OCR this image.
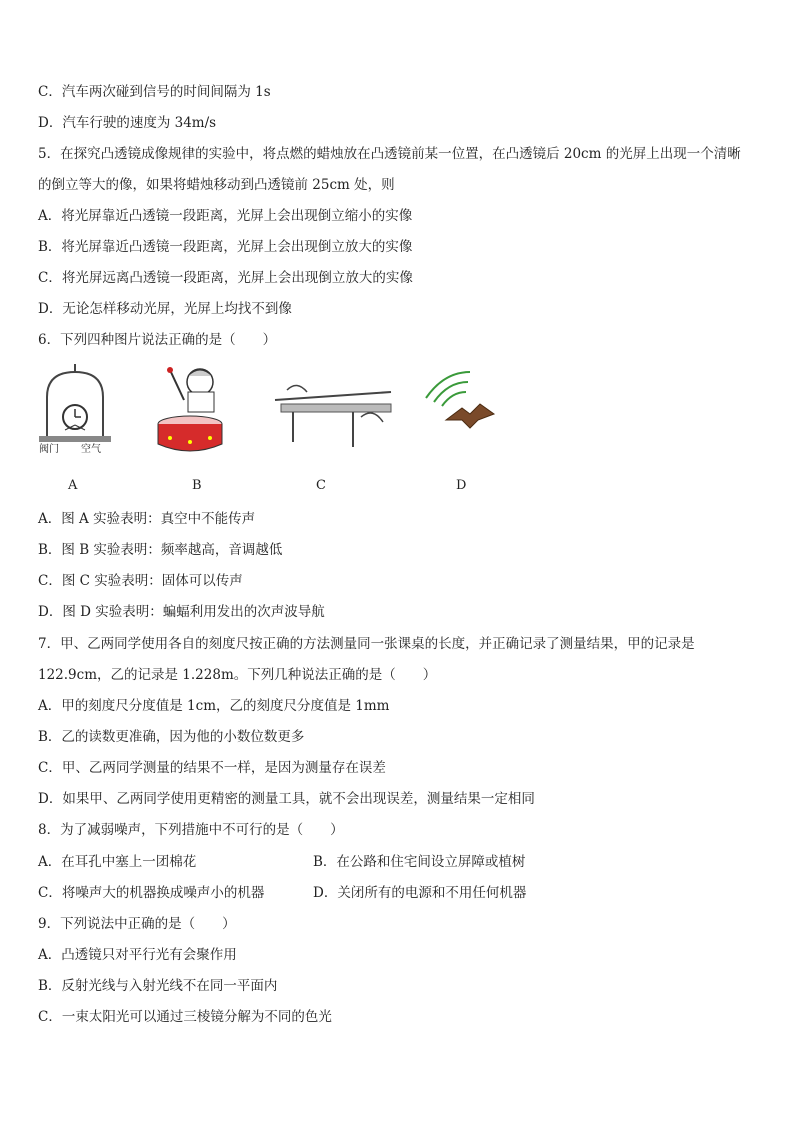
C．汽车两次碰到信号的时间间隔为 1s
D．汽车行驶的速度为 34m/s
5．在探究凸透镜成像规律的实验中，将点燃的蜡烛放在凸透镜前某一位置，在凸透镜后 20cm 的光屏上出现一个清晰
的倒立等大的像，如果将蜡烛移动到凸透镜前 25cm 处，则
A．将光屏靠近凸透镜一段距离，光屏上会出现倒立缩小的实像
B．将光屏靠近凸透镜一段距离，光屏上会出现倒立放大的实像
C．将光屏远离凸透镜一段距离，光屏上会出现倒立放大的实像
D．无论怎样移动光屏，光屏上均找不到像
6．下列四种图片说法正确的是（　　）
阀门 空气
A	B	C	D
A．图 A 实验表明：真空中不能传声
B．图 B 实验表明：频率越高，音调越低
C．图 C 实验表明：固体可以传声
D．图 D 实验表明：蝙蝠利用发出的次声波导航
7．甲、乙两同学使用各自的刻度尺按正确的方法测量同一张课桌的长度，并正确记录了测量结果，甲的记录是
122.9cm，乙的记录是 1.228m。下列几种说法正确的是（　　）
A．甲的刻度尺分度值是 1cm，乙的刻度尺分度值是 1mm
B．乙的读数更准确，因为他的小数位数更多
C．甲、乙两同学测量的结果不一样，是因为测量存在误差
D．如果甲、乙两同学使用更精密的测量工具，就不会出现误差，测量结果一定相同
8．为了减弱噪声，下列措施中不可行的是（　　）
A．在耳孔中塞上一团棉花	B．在公路和住宅间设立屏障或植树
C．将噪声大的机器换成噪声小的机器	D．关闭所有的电源和不用任何机器
9．下列说法中正确的是（　　）
A．凸透镜只对平行光有会聚作用
B．反射光线与入射光线不在同一平面内
C．一束太阳光可以通过三棱镜分解为不同的色光
